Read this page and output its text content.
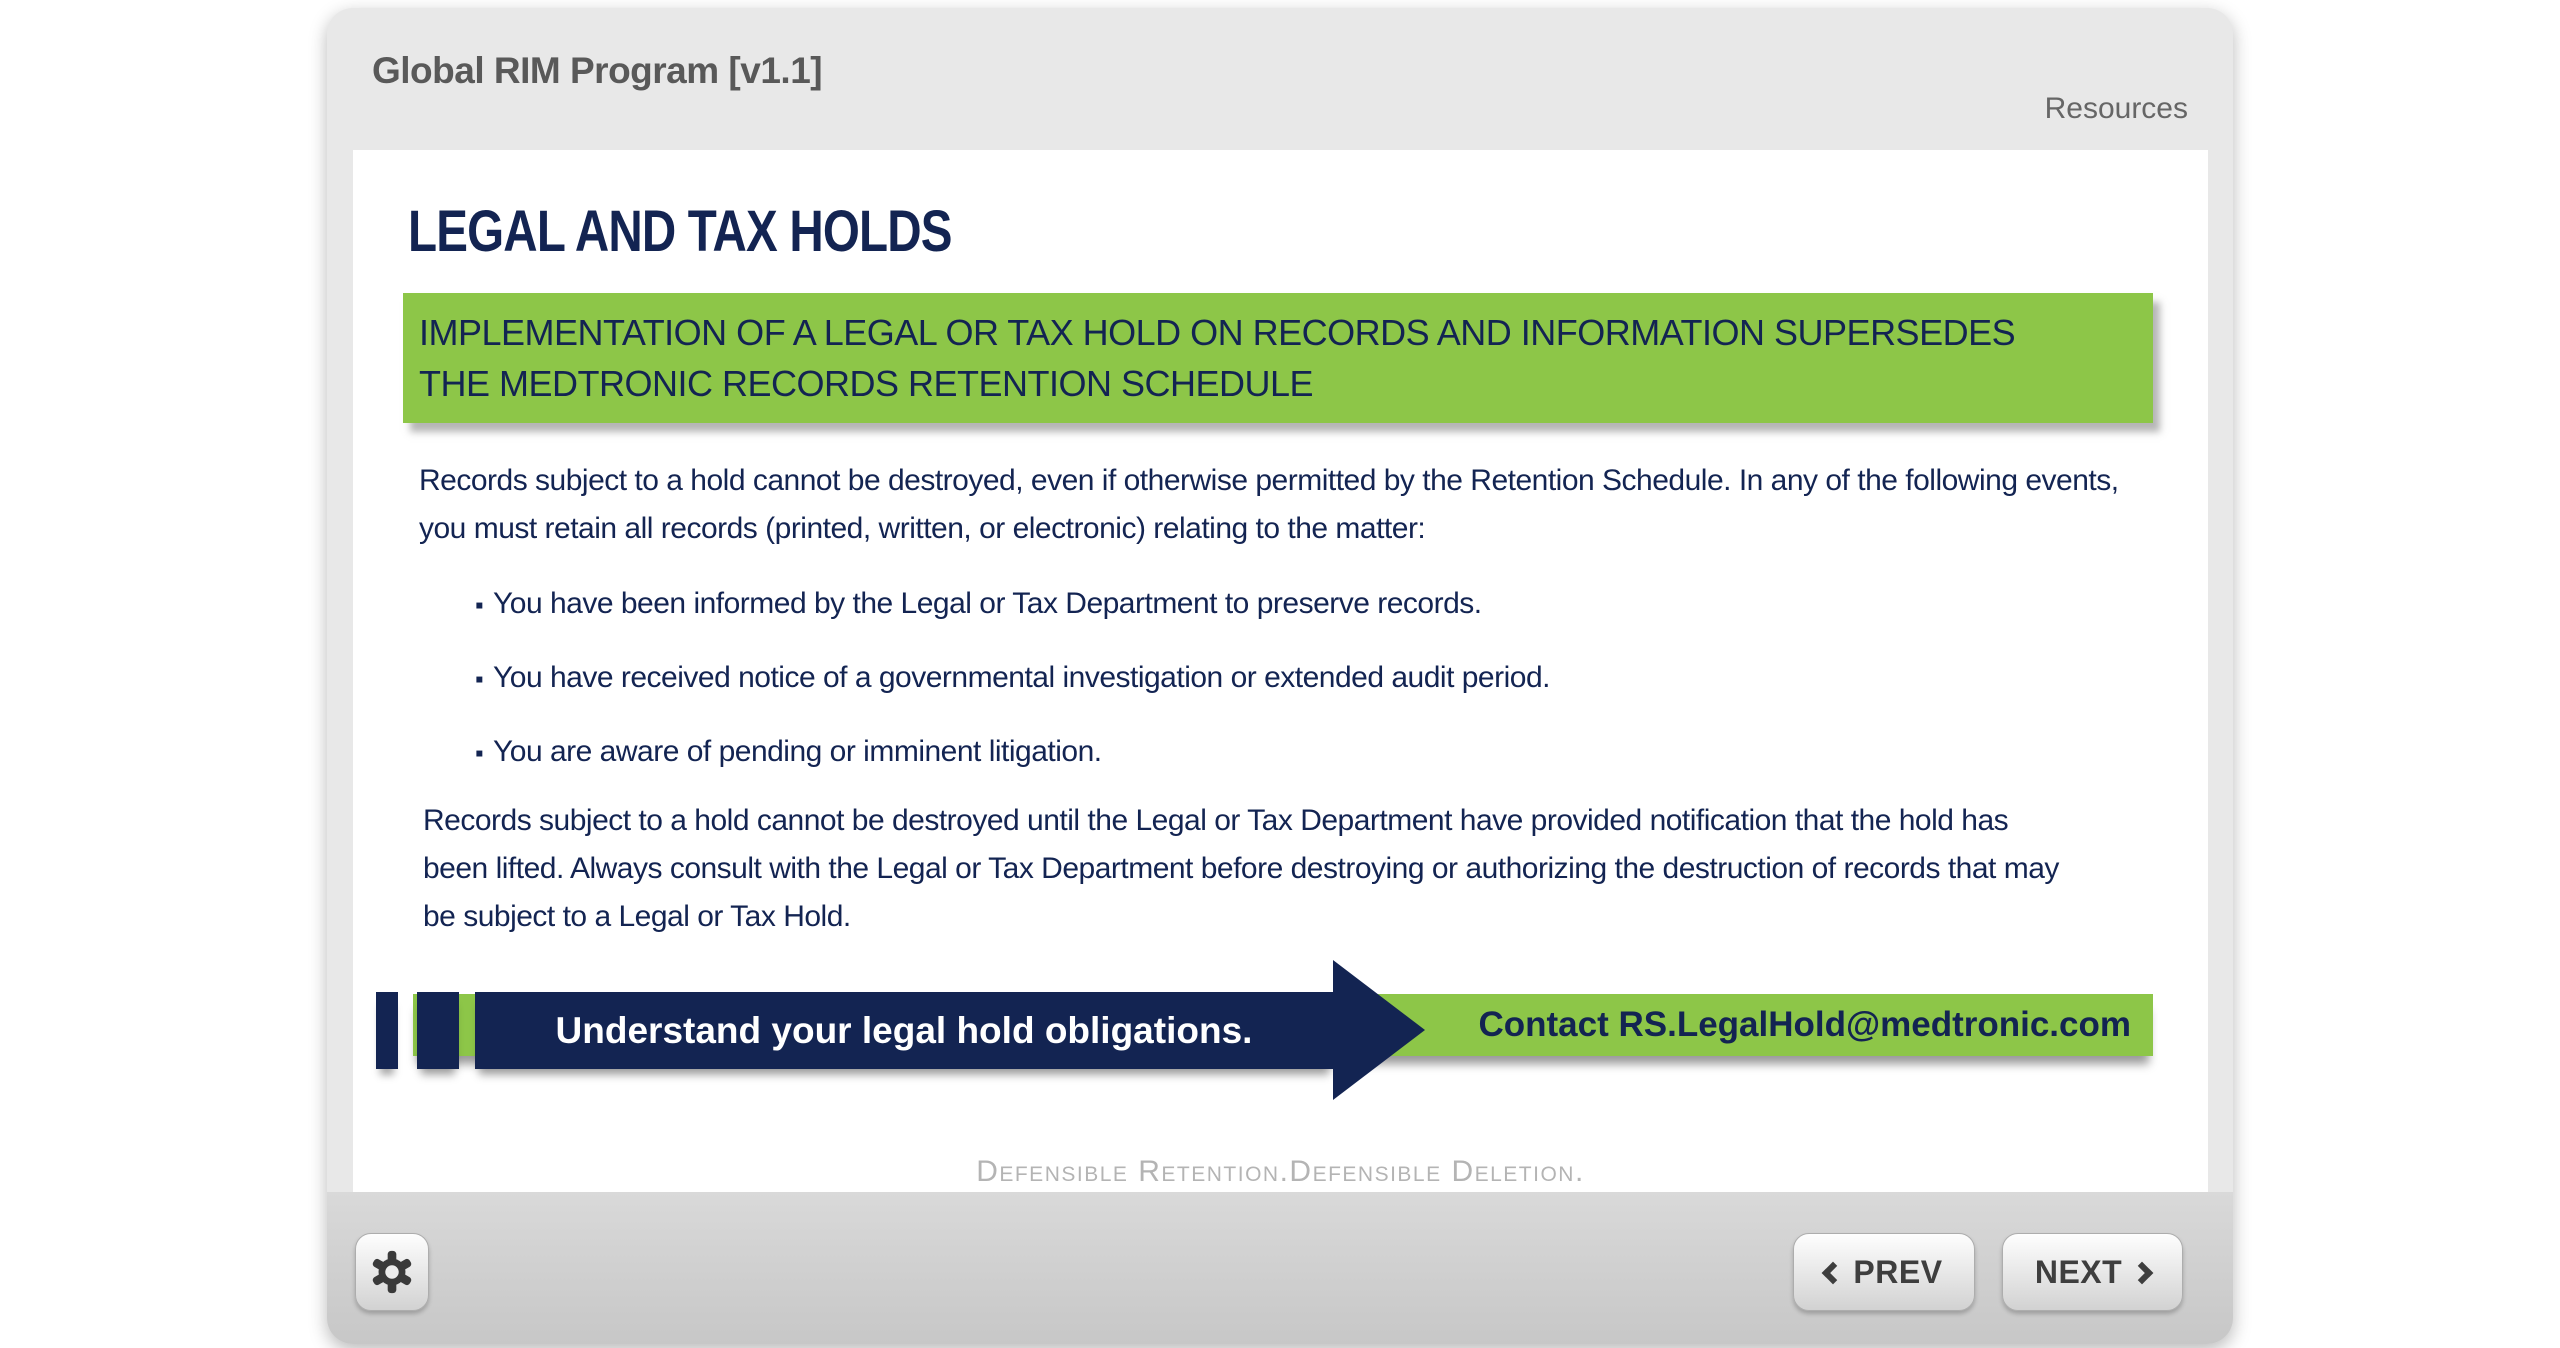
Global RIM Program [v1.1]
Resources
LEGAL AND TAX HOLDS
IMPLEMENTATION OF A LEGAL OR TAX HOLD ON RECORDS AND INFORMATION SUPERSEDES
THE MEDTRONIC RECORDS RETENTION SCHEDULE
Records subject to a hold cannot be destroyed, even if otherwise permitted by the Retention Schedule. In any of the following events, you must retain all records (printed, written, or electronic) relating to the matter:
▪ You have been informed by the Legal or Tax Department to preserve records.
▪ You have received notice of a governmental investigation or extended audit period.
▪ You are aware of pending or imminent litigation.
Records subject to a hold cannot be destroyed until the Legal or Tax Department have provided notification that the hold has been lifted. Always consult with the Legal or Tax Department before destroying or authorizing the destruction of records that may be subject to a Legal or Tax Hold.
Contact RS.LegalHold@medtronic.com
Understand your legal hold obligations.
Defensible Retention.Defensible Deletion.
PREV	NEXT
